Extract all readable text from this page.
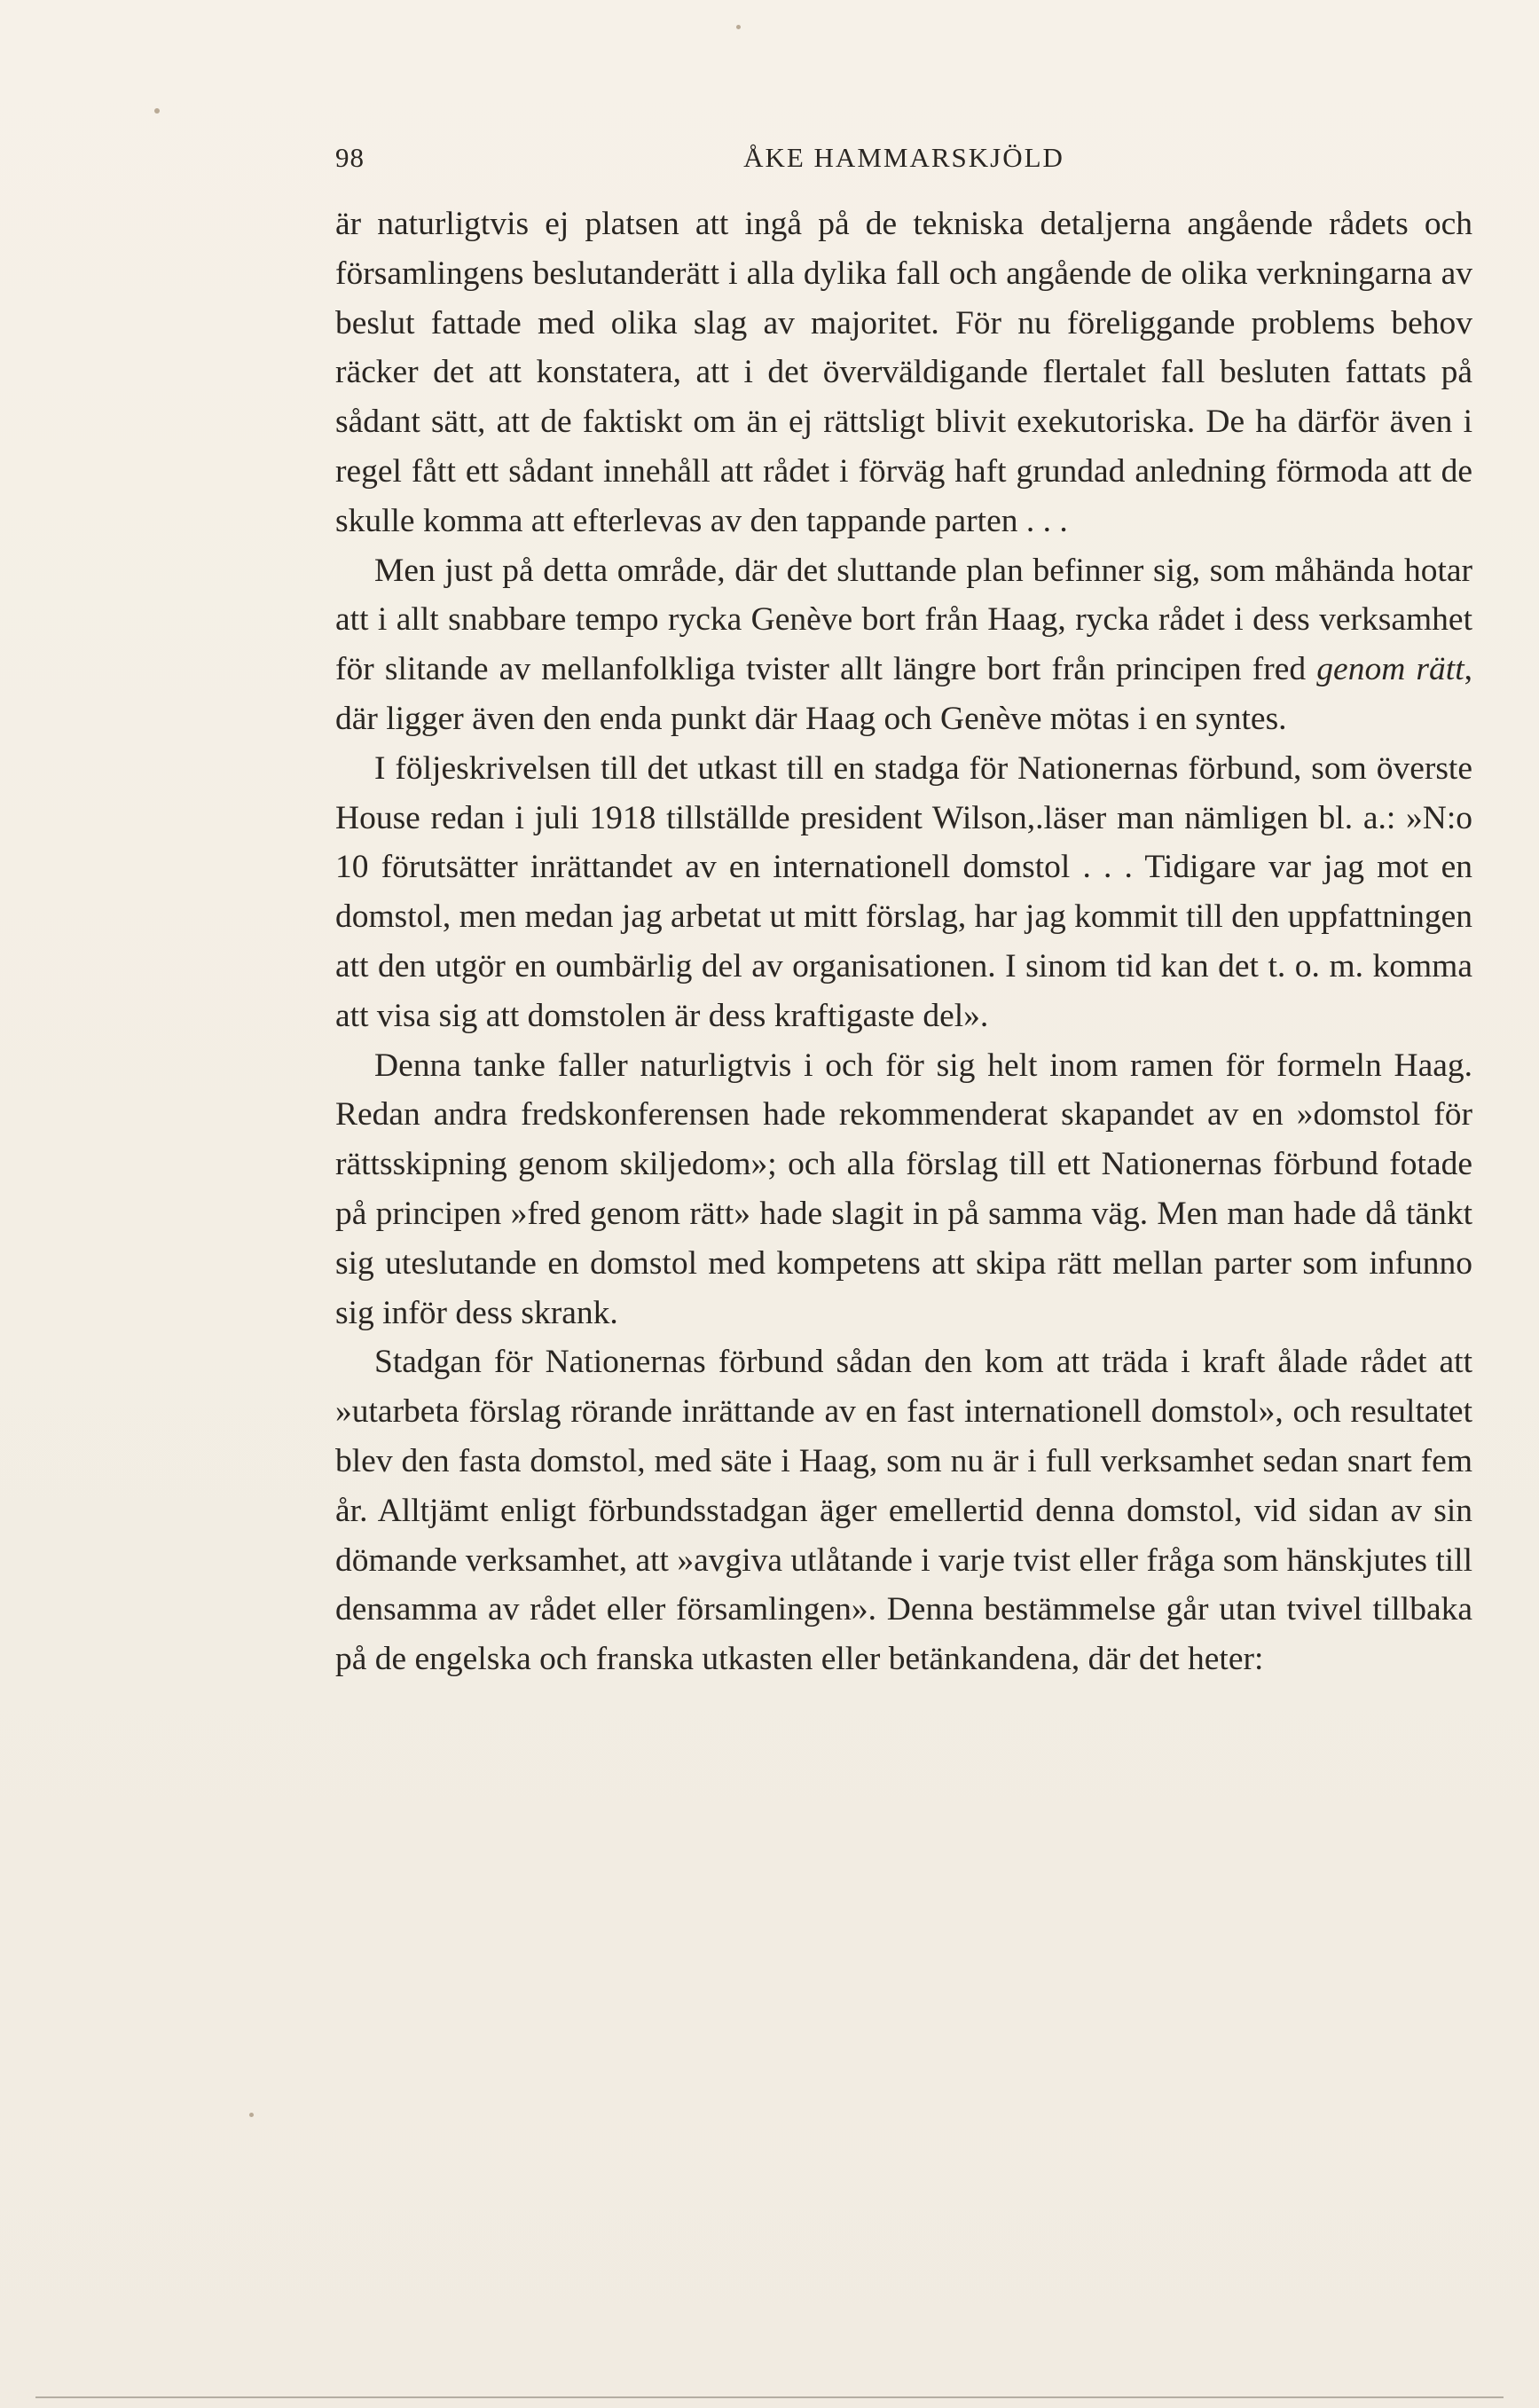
98	ÅKE HAMMARSKJÖLD

är naturligtvis ej platsen att ingå på de tekniska detaljerna angående rådets och församlingens beslutanderätt i alla dylika fall och angående de olika verkningarna av beslut fattade med olika slag av majoritet. För nu föreliggande problems behov räcker det att konstatera, att i det överväldigande flertalet fall besluten fattats på sådant sätt, att de faktiskt om än ej rättsligt blivit exekutoriska. De ha därför även i regel fått ett sådant innehåll att rådet i förväg haft grundad anledning förmoda att de skulle komma att efterlevas av den tappande parten . . .

Men just på detta område, där det sluttande plan befinner sig, som måhända hotar att i allt snabbare tempo rycka Genève bort från Haag, rycka rådet i dess verksamhet för slitande av mellanfolkliga tvister allt längre bort från principen fred genom rätt, där ligger även den enda punkt där Haag och Genève mötas i en syntes.

I följeskrivelsen till det utkast till en stadga för Nationernas förbund, som överste House redan i juli 1918 tillställde president Wilson,.läser man nämligen bl. a.: »N:o 10 förutsätter inrättandet av en internationell domstol . . . Tidigare var jag mot en domstol, men medan jag arbetat ut mitt förslag, har jag kommit till den uppfattningen att den utgör en oumbärlig del av organisationen. I sinom tid kan det t. o. m. komma att visa sig att domstolen är dess kraftigaste del».

Denna tanke faller naturligtvis i och för sig helt inom ramen för formeln Haag. Redan andra fredskonferensen hade rekommenderat skapandet av en »domstol för rättsskipning genom skiljedom»; och alla förslag till ett Nationernas förbund fotade på principen »fred genom rätt» hade slagit in på samma väg. Men man hade då tänkt sig uteslutande en domstol med kompetens att skipa rätt mellan parter som infunno sig inför dess skrank.

Stadgan för Nationernas förbund sådan den kom att träda i kraft ålade rådet att »utarbeta förslag rörande inrättande av en fast internationell domstol», och resultatet blev den fasta domstol, med säte i Haag, som nu är i full verksamhet sedan snart fem år. Alltjämt enligt förbundsstadgan äger emellertid denna domstol, vid sidan av sin dömande verksamhet, att »avgiva utlåtande i varje tvist eller fråga som hänskjutes till densamma av rådet eller församlingen». Denna bestämmelse går utan tvivel tillbaka på de engelska och franska utkasten eller betänkandena, där det heter:
